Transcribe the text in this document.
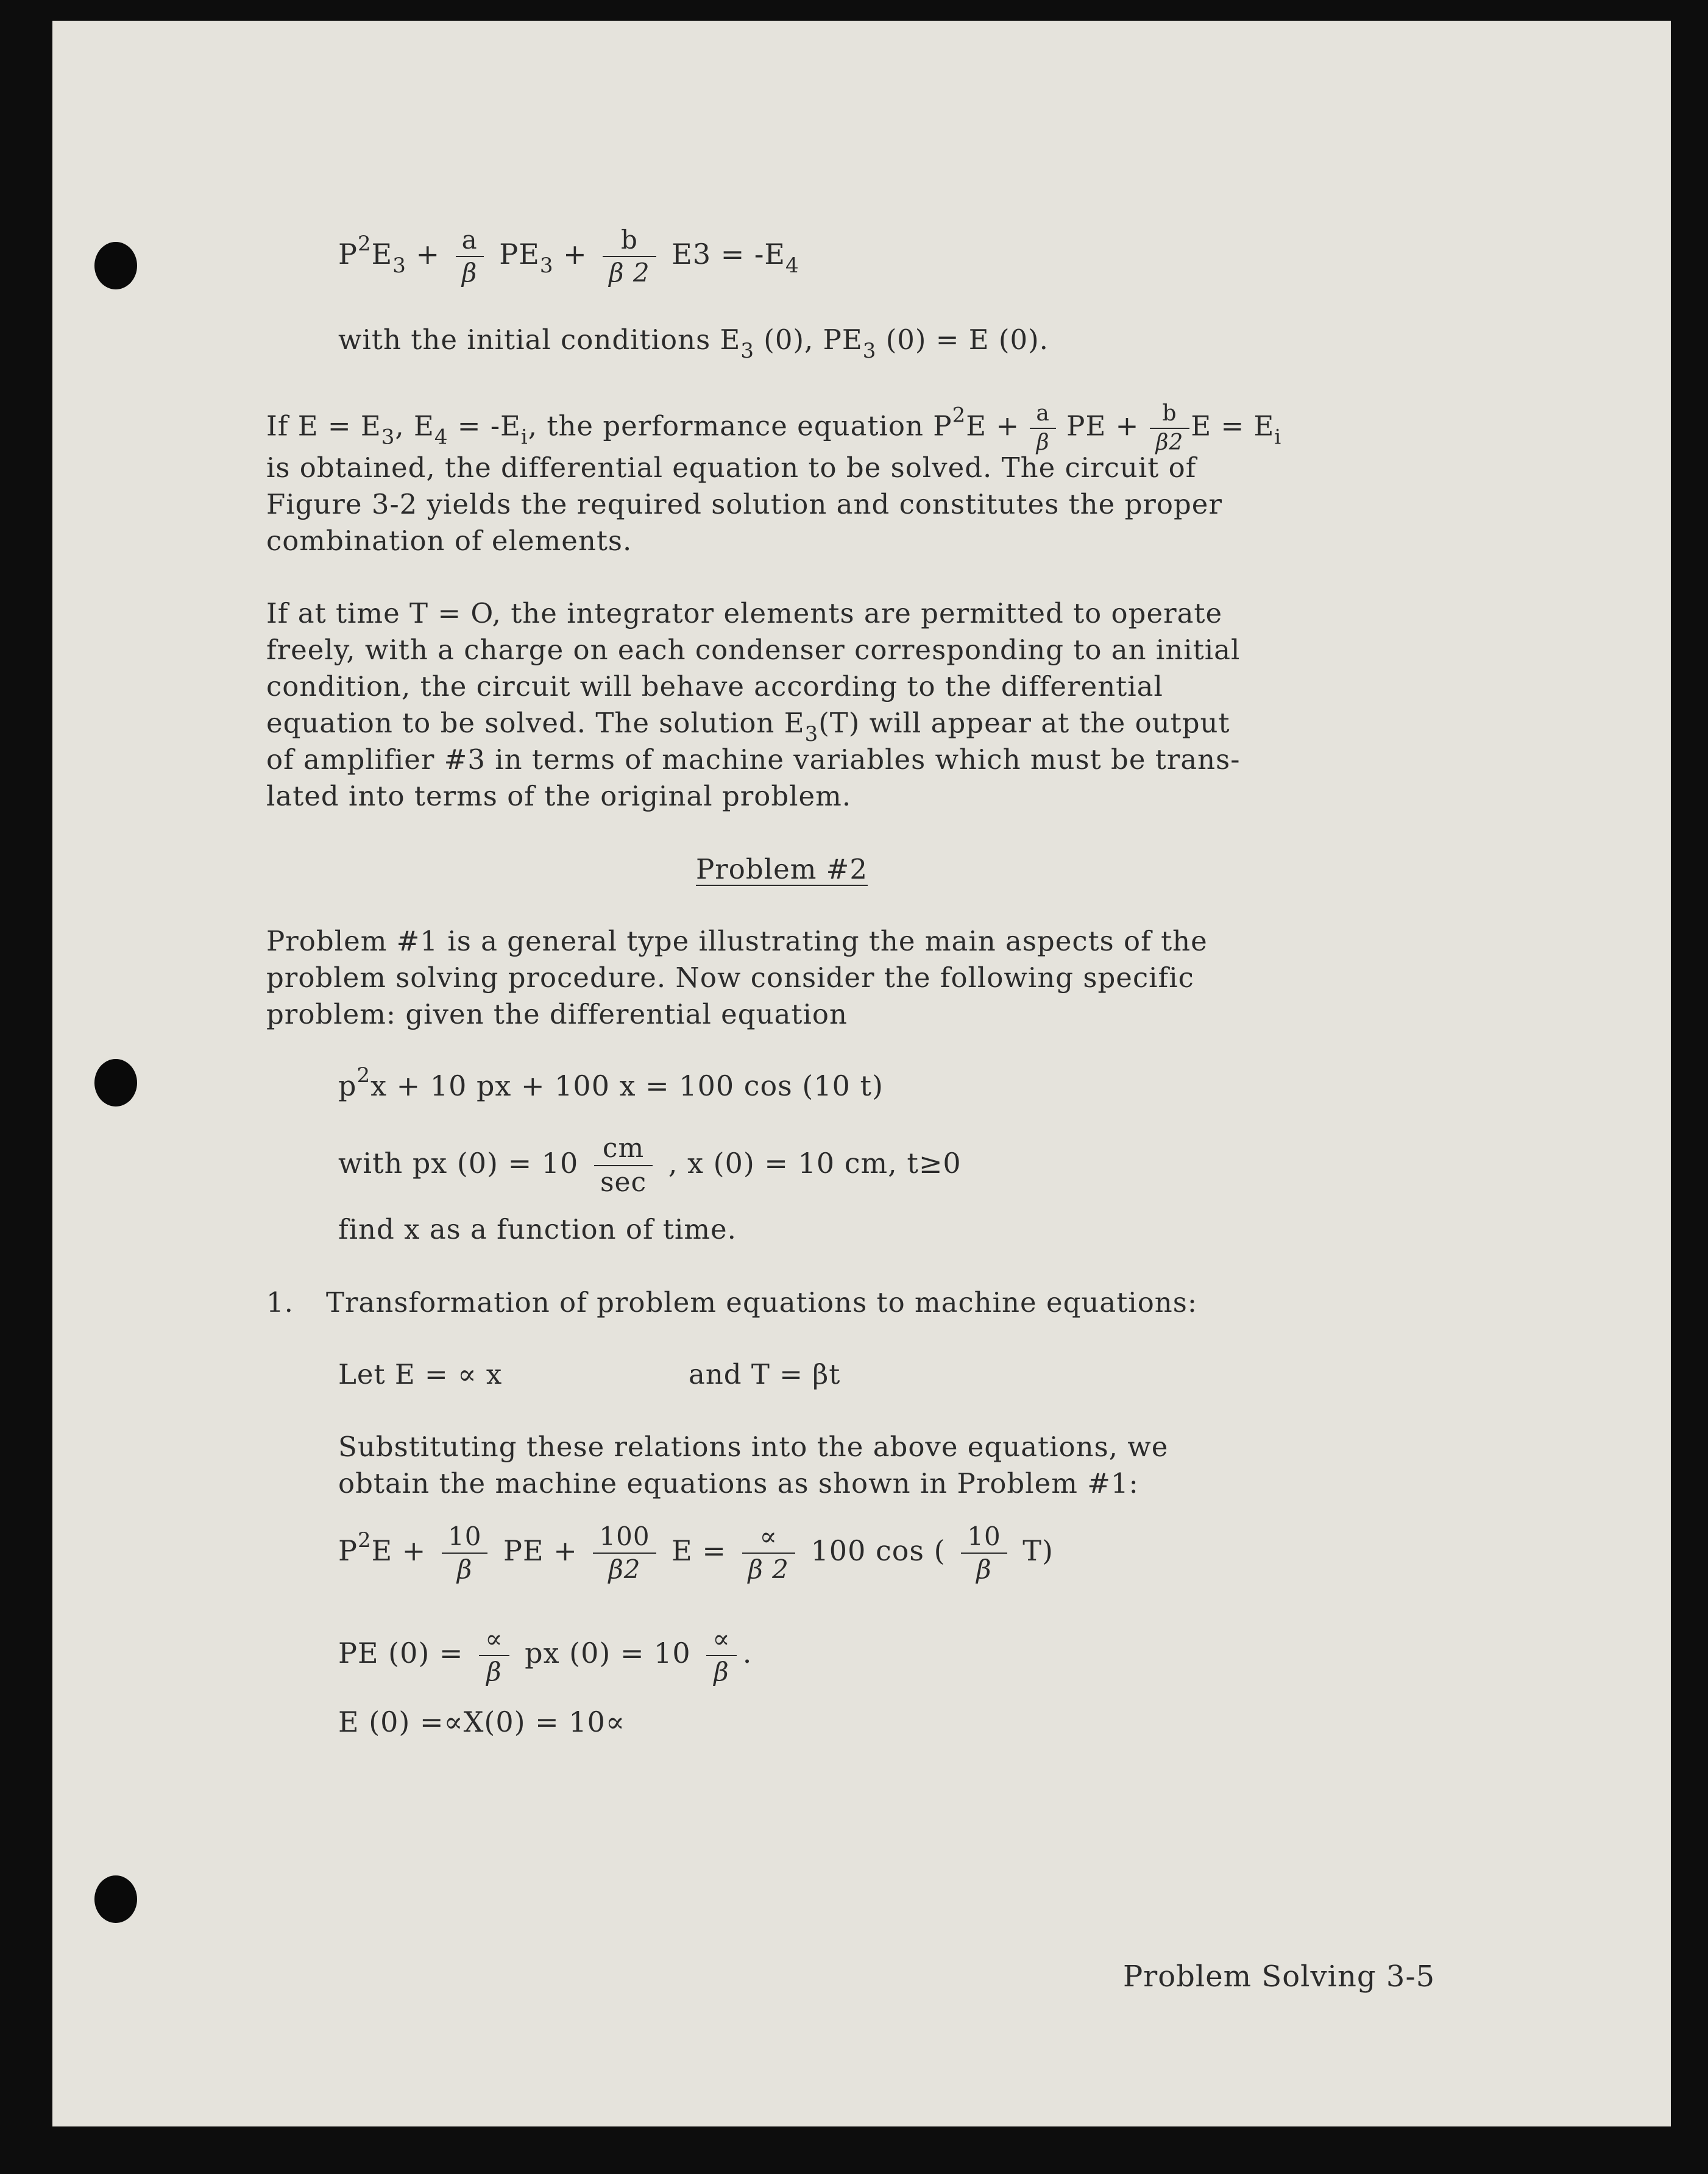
$P^2E_3 + \frac{a}{\beta} PE_3 + \frac{b}{\beta 2} E3 = -E_4$
with the initial conditions $E_3$ (0), $PE_3$ (0) = E (0).
If $E = E_3$, $E_4 = -E_i$, the performance equation $P^2E + \frac{a}{\beta}$ PE + $\frac{b}{\beta 2}$ $E = E_i$

is obtained, the differential equation to be solved. The circuit of

Figure 3-2 yields the required solution and constitutes the proper

combination of elements.

If at time T = O, the integrator elements are permitted to operate

freely, with a charge on each condenser corresponding to an initial

condition, the circuit will behave according to the differential

equation to be solved. The solution $E_3(T)$ will appear at the output

of amplifier #3 in terms of machine variables which must be trans-

lated into terms of the original problem.

Problem #2

Problem #1 is a general type illustrating the main aspects of the

problem solving procedure. Now consider the following specific

problem: given the differential equation

$p^2x + 10$ px + 100 x = 100 cos (10 t)
with px $(0) = 10 \frac{cm}{\sec}$ , x (0) = 10 cm, t≥0

find x as a function of time.

1. Transformation of problem equations to machine equations:

Let E = ∝ x	and T = βt

Substituting these relations into the above equations, we

obtain the machine equations as shown in Problem #1:

$P^2E + \frac{10}{\beta}$ PE + $\frac{100}{\beta 2}$ $E = \frac{\propto}{\beta 2} 100$ cos ( $\frac{10}{\beta} T$)
PE $(0) = \frac{\propto}{\beta}$ px $(0) = 10 \frac{\propto}{\beta}$ .

E (0) =∝X(0) = 10∝

Problem Solving 3-5
